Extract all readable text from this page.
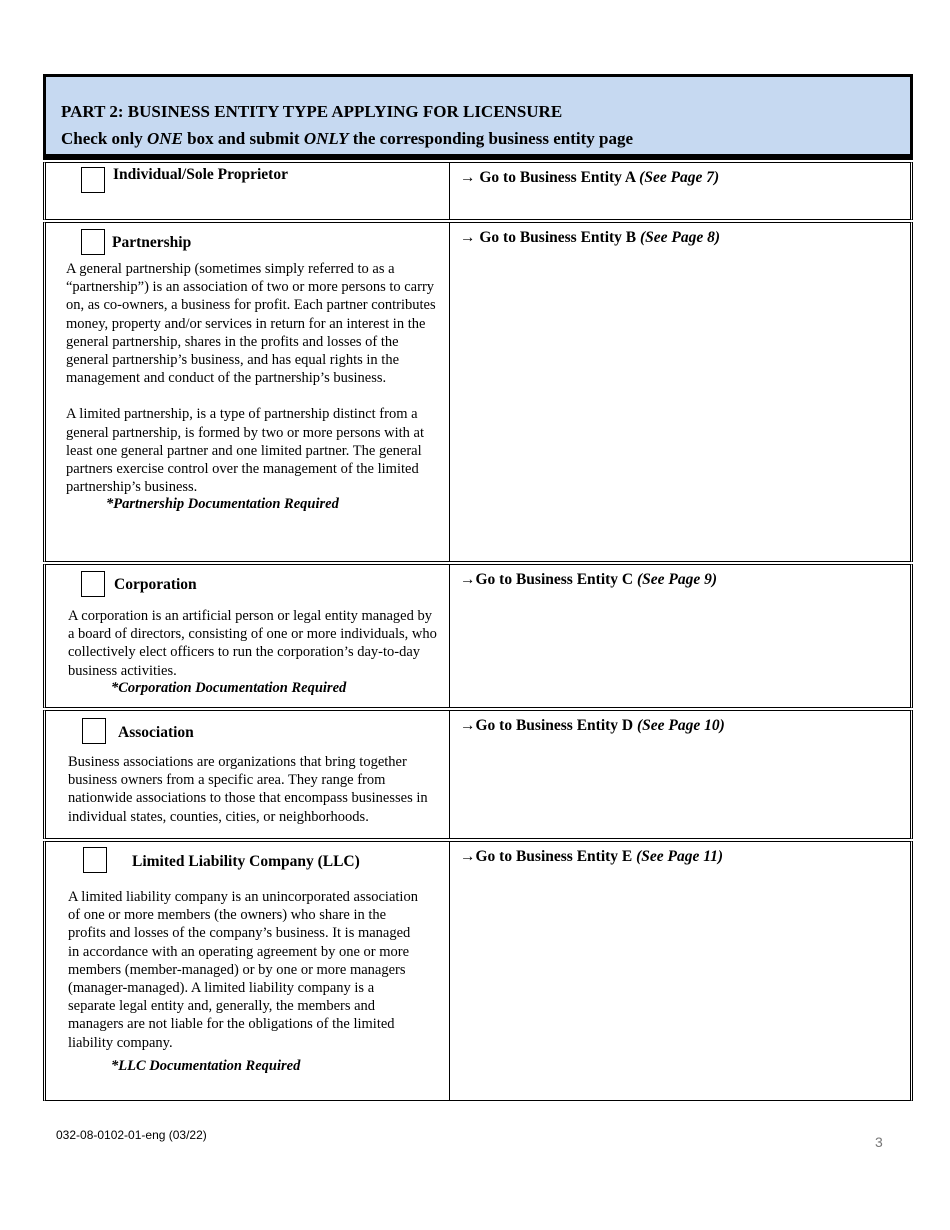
PART 2: BUSINESS ENTITY TYPE APPLYING FOR LICENSURE
Check only ONE box and submit ONLY the corresponding business entity page
Individual/Sole Proprietor	→ Go to Business Entity A (See Page 7)
Partnership

A general partnership (sometimes simply referred to as a “partnership”) is an association of two or more persons to carry on, as co-owners, a business for profit. Each partner contributes money, property and/or services in return for an interest in the general partnership, shares in the profits and losses of the general partnership’s business, and has equal rights in the management and conduct of the partnership’s business.

A limited partnership, is a type of partnership distinct from a general partnership, is formed by two or more persons with at least one general partner and one limited partner. The general partners exercise control over the management of the limited partnership’s business.

*Partnership Documentation Required
→ Go to Business Entity B (See Page 8)
Corporation

A corporation is an artificial person or legal entity managed by a board of directors, consisting of one or more individuals, who collectively elect officers to run the corporation’s day-to-day business activities.

*Corporation Documentation Required
→Go to Business Entity C (See Page 9)
Association

Business associations are organizations that bring together business owners from a specific area. They range from nationwide associations to those that encompass businesses in individual states, counties, cities, or neighborhoods.

→Go to Business Entity D (See Page 10)
Limited Liability Company (LLC)

A limited liability company is an unincorporated association of one or more members (the owners) who share in the profits and losses of the company’s business. It is managed in accordance with an operating agreement by one or more members (member-managed) or by one or more managers (manager-managed). A limited liability company is a separate legal entity and, generally, the members and managers are not liable for the obligations of the limited liability company.

*LLC Documentation Required
→Go to Business Entity E (See Page 11)
032-08-0102-01-eng (03/22)	3
